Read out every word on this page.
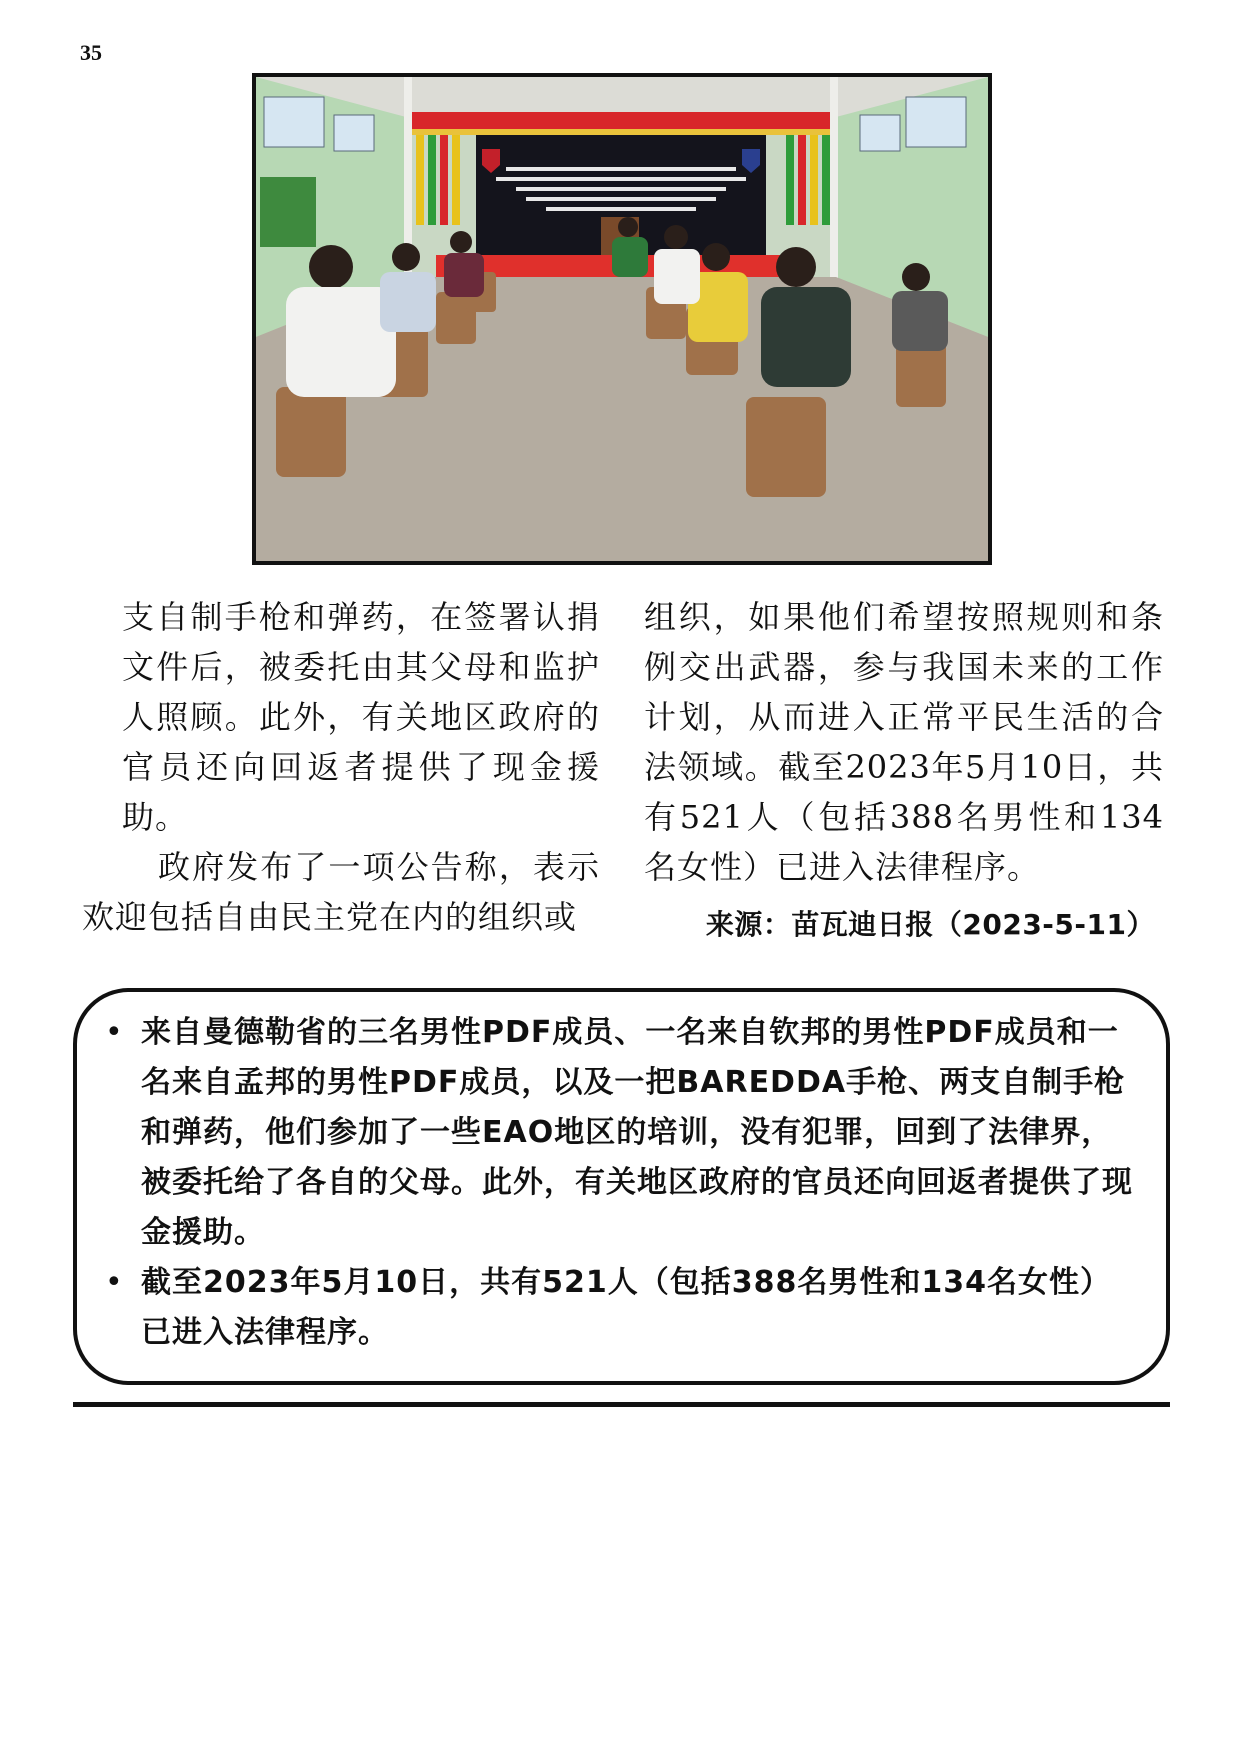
35

支自制手枪和弹药，在签署认捐文件后，被委托由其父母和监护人照顾。此外，有关地区政府的官员还向回返者提供了现金援助。

政府发布了一项公告称，表示欢迎包括自由民主党在内的组织或

组织，如果他们希望按照规则和条例交出武器，参与我国未来的工作计划，从而进入正常平民生活的合法领域。截至2023年5月10日，共有521人（包括388名男性和134名女性）已进入法律程序。

来源：苗瓦迪日报（2023-5-11）
• 来自曼德勒省的三名男性PDF成员、一名来自钦邦的男性PDF成员和一名来自孟邦的男性PDF成员，以及一把BAREDDA手枪、两支自制手枪和弹药，他们参加了一些EAO地区的培训，没有犯罪，回到了法律界，被委托给了各自的父母。此外，有关地区政府的官员还向回返者提供了现金援助。
• 截至2023年5月10日，共有521人（包括388名男性和134名女性）已进入法律程序。
